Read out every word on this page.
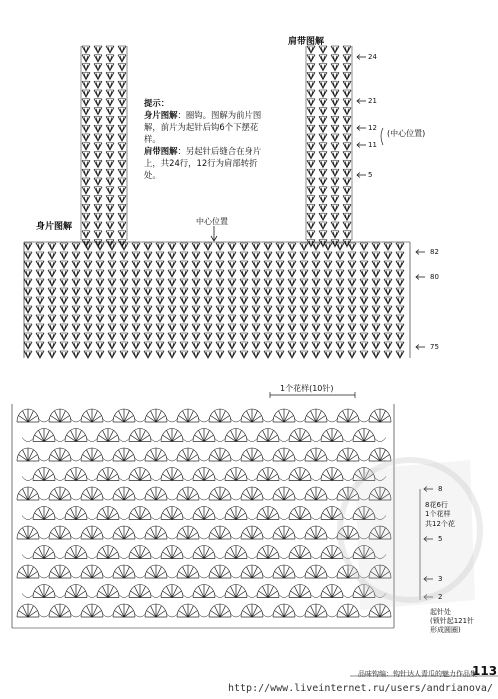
肩带图解
身片图解
中心位置
(中心位置)
1个花样(10针)
提示：
身片图解：圈钩。图解为前片图解，前片为起针后钩6个下摆花样。
肩带图解：另起针后缝合在身片上，共24行，12行为肩部转折处。
24
21
12
11
5
82
80
75
8
5
3
2
8花6行
1个花样
共12个花
起针处
(锁针起121针
形成圆圈)
品味钩编：钩针达人青瓜的魅力作品集
113
http://www.liveinternet.ru/users/andrianova/
